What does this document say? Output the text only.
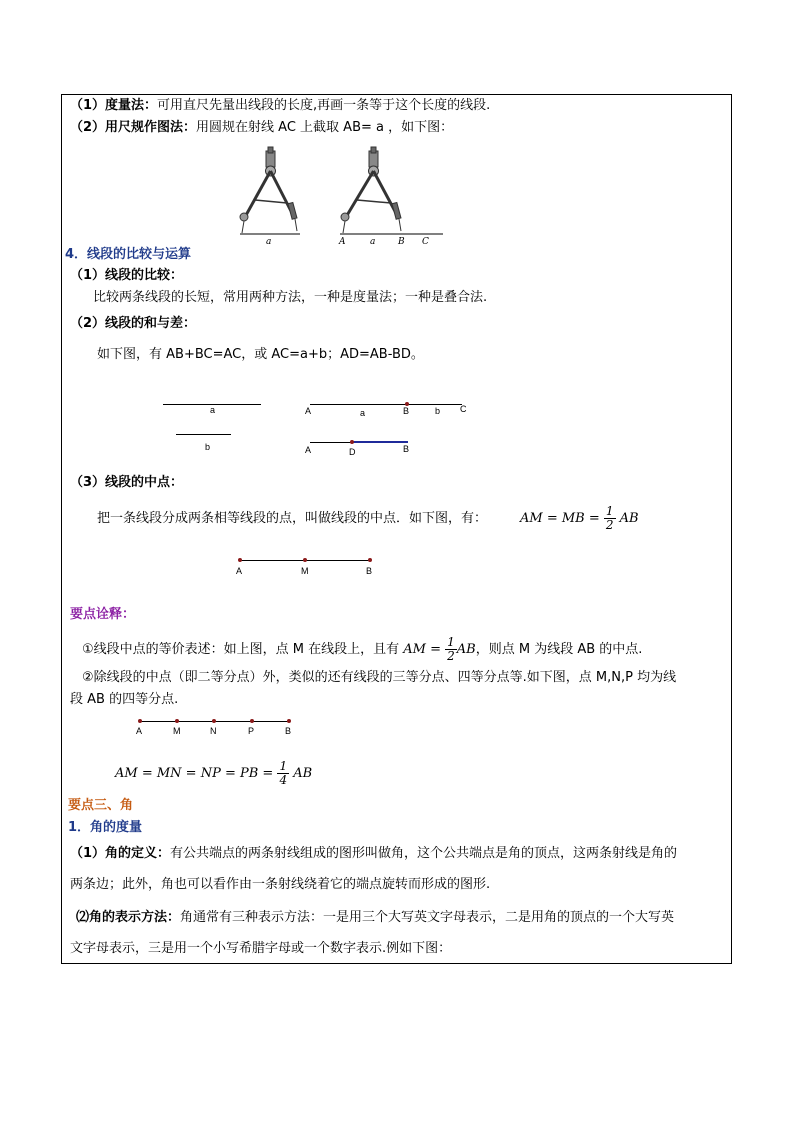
（1）度量法：可用直尺先量出线段的长度,再画一条等于这个长度的线段.
（2）用尺规作图法：用圆规在射线 AC 上截取 AB= a ，如下图：
a	A	a	B C
4．线段的比较与运算
（1）线段的比较：
比较两条线段的长短，常用两种方法，一种是度量法；一种是叠合法.
（2）线段的和与差：
如下图，有 AB+BC=AC，或 AC=a+b；AD=AB-BD。
a
b
A	a	B	b C
A	D	B
（3）线段的中点：
把一条线段分成两条相等线段的点，叫做线段的中点．如下图，有：	AM = MB = $\frac{1}{2}$ AB
A	M	B
要点诠释：
①线段中点的等价表述：如上图，点 M 在线段上，且有 AM = $\frac{1}{2}$ AB，则点 M 为线段 AB 的中点.
②除线段的中点（即二等分点）外，类似的还有线段的三等分点、四等分点等.如下图，点 M,N,P 均为线
段 AB 的四等分点.
A	M	N	P	B
AM = MN = NP = PB = $\frac{1}{4}$ AB
要点三、角
1．角的度量
（1）角的定义：有公共端点的两条射线组成的图形叫做角，这个公共端点是角的顶点，这两条射线是角的
两条边；此外，角也可以看作由一条射线绕着它的端点旋转而形成的图形.
⑵角的表示方法：角通常有三种表示方法：一是用三个大写英文字母表示，二是用角的顶点的一个大写英
文字母表示，三是用一个小写希腊字母或一个数字表示.例如下图：
